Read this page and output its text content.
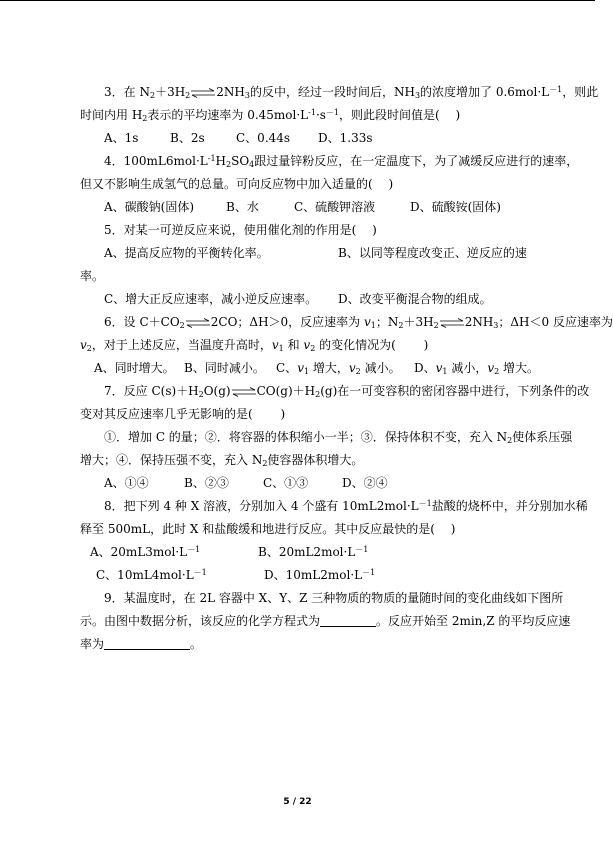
3．在 $N_2+3H_2\rightleftharpoons 2NH_3$的反中，经过一段时间后，$NH_3$的浓度增加了 $0.6mol\cdot L^{-1}$，则此
时间内用 $H_2$表示的平均速率为 $0.45mol\cdot L^{-1}\cdot s^{-1}$，则此段时间值是(　 )
A、1s	B、2s	C、0.44s D、1.33s
4．$100mL6mol\cdot L^{-1}H_2SO_4$跟过量锌粉反应，在一定温度下，为了减缓反应进行的速率，
但又不影响生成氢气的总量。可向反应物中加入适量的(　 )
A、碳酸钠(固体)	B、水	C、硫酸钾溶液	D、硫酸铵(固体)
5．对某一可逆反应来说，使用催化剂的作用是(　 )
A、提高反应物的平衡转化率。	B、以同等程度改变正、逆反应的速
率。
C、增大正反应速率，减小逆反应速率。 D、改变平衡混合物的组成。
6．设 $C+CO_2\rightleftharpoons 2CO$；ΔH＞0，反应速率为 $v_1$；$N_2+3H_2\rightleftharpoons 2NH_3$；ΔH＜0 反应速率为
$v_2$，对于上述反应，当温度升高时，$v_1$ 和 $v_2$ 的变化情况为(　　 )
A、同时增大。 B、同时减小。 C、$v_1$ 增大，$v_2$ 减小。 D、$v_1$ 减小，$v_2$ 增大。
7．反应 $C(s)+H_2O(g)\rightleftharpoons CO(g)+H_2(g)$在一可变容积的密闭容器中进行，下列条件的改
变对其反应速率几乎无影响的是(　　 )
①．增加 C 的量；②．将容器的体积缩小一半；③．保持体积不变，充入 $N_2$使体系压强
增大；④．保持压强不变，充入 $N_2$使容器体积增大。
A、①④	B、②③	C、①③	D、②④
8．把下列 4 种 X 溶液，分别加入 4 个盛有 $10mL2mol\cdot L^{-1}$盐酸的烧杯中，并分别加水稀
释至 500mL，此时 X 和盐酸缓和地进行反应。其中反应最快的是(　 )
A、$20mL3mol\cdot L^{-1}$	B、$20mL2mol\cdot L^{-1}$
C、$10mL4mol\cdot L^{-1}$	D、$10mL2mol\cdot L^{-1}$
9．某温度时，在 2L 容器中 X、Y、Z 三种物质的物质的量随时间的变化曲线如下图所
示。由图中数据分析，该反应的化学方程式为	。反应开始至 2min,Z 的平均反应速
率为	。
5 / 22
